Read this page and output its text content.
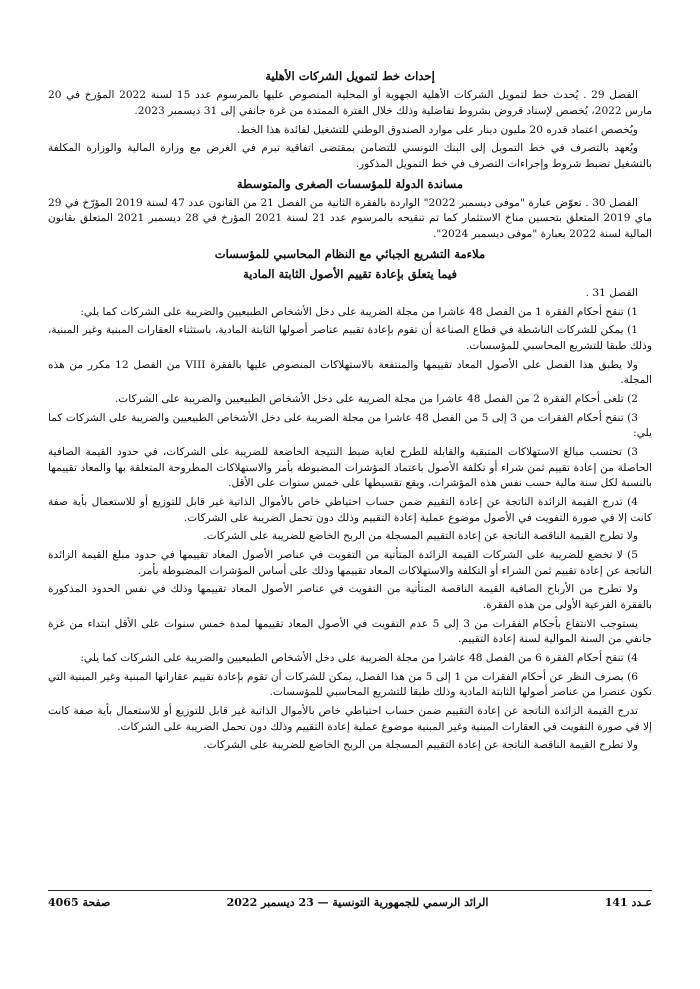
إحداث خط لتمويل الشركات الأهلية
الفصل 29 . يُحدث خط لتمويل الشركات الأهلية الجهوية أو المحلية المنصوص عليها بالمرسوم عدد 15 لسنة 2022 المؤرخ في 20 مارس 2022، يُخصص لإسناد قروض بشروط تفاضلية وذلك خلال الفترة الممتدة من غرة جانفي إلى 31 ديسمبر 2023.
ويُخصص اعتماد قدره 20 مليون دينار على موارد الصندوق الوطني للتشغيل لفائدة هذا الخط.
ويُعهد بالتصرف في خط التمويل إلى البنك التونسي للتضامن بمقتضى اتفاقية تبرم في الغرض مع وزارة المالية والوزارة المكلفة بالتشغيل تضبط شروط وإجراءات التصرف في خط التمويل المذكور.
مساندة الدولة للمؤسسات الصغرى والمتوسطة
الفصل 30 . تعوّض عبارة "موفى ديسمبر 2022" الواردة بالفقرة الثانية من الفصل 21 من القانون عدد 47 لسنة 2019 المؤرّخ في 29 ماي 2019 المتعلق بتحسين مناخ الاستثمار كما تم تنقيحه بالمرسوم عدد 21 لسنة 2021 المؤرخ في 28 ديسمبر 2021 المتعلق بقانون المالية لسنة 2022 بعبارة "موفى ديسمبر 2024".
ملاءمة التشريع الجبائي مع النظام المحاسبي للمؤسسات
فيما يتعلق بإعادة تقييم الأصول الثابتة المادية
الفصل 31 .
1) تنقح أحكام الفقرة 1 من الفصل 48 عاشرا من مجلة الضريبة على دخل الأشخاص الطبيعيين والضريبة على الشركات كما يلي:
1) يمكن للشركات الناشطة في قطاع الصناعة أن تقوم بإعادة تقييم عناصر أصولها الثابتة المادية، باستثناء العقارات المبنية وغير المبنية، وذلك طبقا للتشريع المحاسبي للمؤسسات.
ولا يطبق هذا الفصل على الأصول المعاد تقييمها والمنتفعة بالاستهلاكات المنصوص عليها بالفقرة VIII من الفصل 12 مكرر من هذه المجلة.
2) تلغى أحكام الفقرة 2 من الفصل 48 عاشرا من مجلة الضريبة على دخل الأشخاص الطبيعيين والضريبة على الشركات.
3) تنقح أحكام الفقرات من 3 إلى 5 من الفصل 48 عاشرا من مجلة الضريبة على دخل الأشخاص الطبيعيين والضريبة على الشركات كما يلي:
3) تحتسب مبالغ الاستهلاكات المتبقية والقابلة للطرح لغاية ضبط النتيجة الخاضعة للضريبة على الشركات، في حدود القيمة الصافية الحاصلة من إعادة تقييم ثمن شراء أو تكلفة الأصول باعتماد المؤشرات المضبوطة بأمر والاستهلاكات المطروحة المتعلقة بها والمعاد تقييمها بالنسبة لكل سنة مالية حسب نفس هذه المؤشرات، ويقع تقسيطها على خمس سنوات على الأقل.
4) تدرج القيمة الزائدة الناتجة عن إعادة التقييم ضمن حساب احتياطي خاص بالأموال الذاتية غير قابل للتوزيع أو للاستعمال بأية صفة كانت إلا في صورة التفويت في الأصول موضوع عملية إعادة التقييم وذلك دون تحمل الضريبة على الشركات.
ولا تطرح القيمة الناقصة الناتجة عن إعادة التقييم المسجلة من الربح الخاضع للضريبة على الشركات.
5) لا تخضع للضريبة على الشركات القيمة الزائدة المتأتية من التفويت في عناصر الأصول المعاد تقييمها في حدود مبلغ القيمة الزائدة الناتجة عن إعادة تقييم ثمن الشراء أو التكلفة والاستهلاكات المعاد تقييمها وذلك على أساس المؤشرات المضبوطة بأمر.
ولا تطرح من الأرباح الصافية القيمة الناقصة المتأتية من التفويت في عناصر الأصول المعاد تقييمها وذلك في نفس الحدود المذكورة بالفقرة الفرعية الأولى من هذه الفقرة.
يستوجب الانتفاع بأحكام الفقرات من 3 إلى 5 عدم التفويت في الأصول المعاد تقييمها لمدة خمس سنوات على الأقل ابتداء من غرة جانفي من السنة الموالية لسنة إعادة التقييم.
4) تنقح أحكام الفقرة 6 من الفصل 48 عاشرا من مجلة الضريبة على دخل الأشخاص الطبيعيين والضريبة على الشركات كما يلي:
6) بصرف النظر عن أحكام الفقرات من 1 إلى 5 من هذا الفصل، يمكن للشركات أن تقوم بإعادة تقييم عقاراتها المبنية وغير المبنية التي تكون عنصرا من عناصر أصولها الثابتة المادية وذلك طبقا للتشريع المحاسبي للمؤسسات.
تدرج القيمة الزائدة الناتجة عن إعادة التقييم ضمن حساب احتياطي خاص بالأموال الذاتية غير قابل للتوزيع أو للاستعمال بأية صفة كانت إلا في صورة التفويت في العقارات المبنية وغير المبنية موضوع عملية إعادة التقييم وذلك دون تحمل الضريبة على الشركات.
ولا تطرح القيمة الناقصة الناتجة عن إعادة التقييم المسجلة من الربح الخاضع للضريبة على الشركات.
عـدد 141
الرائد الرسمي للجمهورية التونسية — 23 ديسمبر 2022
صفحة 4065
